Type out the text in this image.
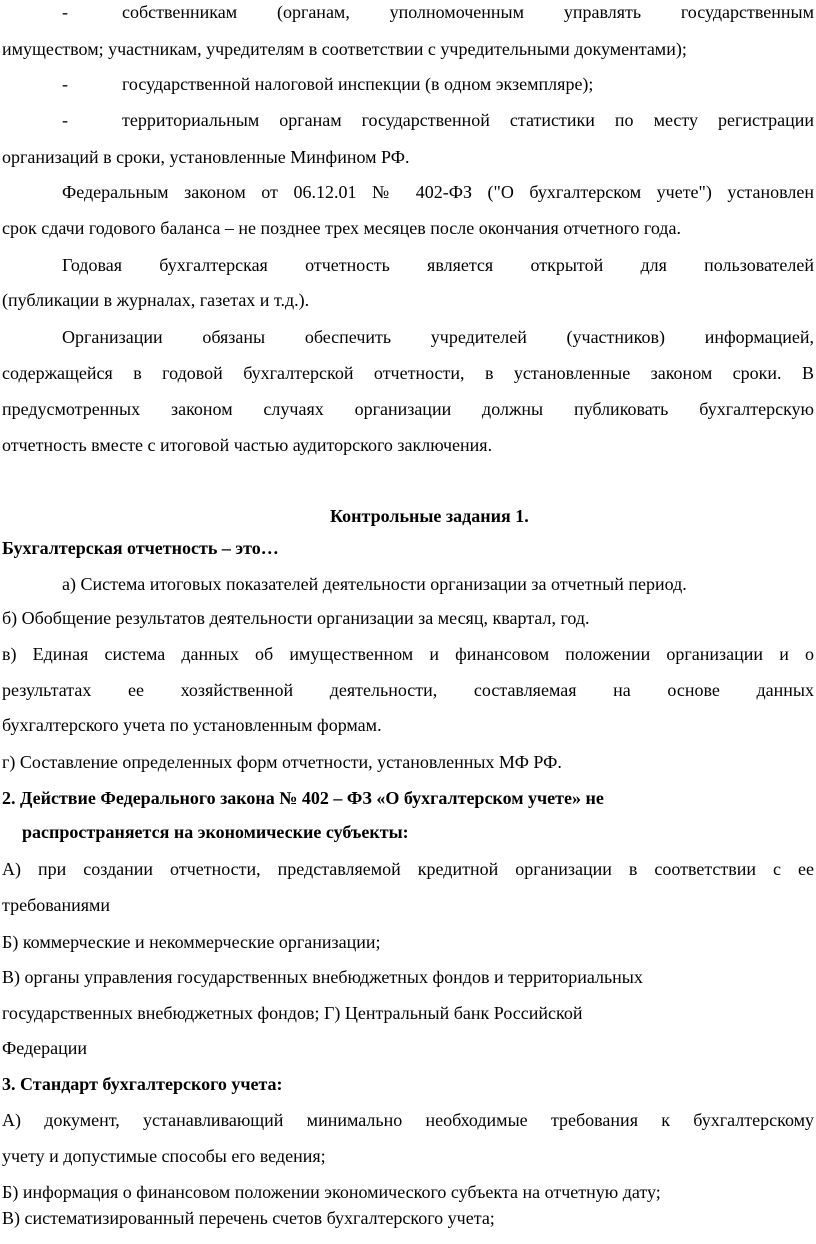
-	собственникам (органам, уполномоченным управлять государственным
имуществом; участникам, учредителям в соответствии с учредительными документами);
-	государственной налоговой инспекции (в одном экземпляре);
-	территориальным органам государственной статистики по месту регистрации
организаций в сроки, установленные Минфином РФ.
Федеральным законом от 06.12.01 № 402-ФЗ ("О бухгалтерском учете") установлен
срок сдачи годового баланса – не позднее трех месяцев после окончания отчетного года.
Годовая бухгалтерская отчетность является открытой для пользователей
(публикации в журналах, газетах и т.д.).
Организации обязаны обеспечить учредителей (участников) информацией,
содержащейся в годовой бухгалтерской отчетности, в установленные законом сроки. В
предусмотренных законом случаях организации должны публиковать бухгалтерскую
отчетность вместе с итоговой частью аудиторского заключения.
Контрольные задания 1.
Бухгалтерская отчетность – это…
а) Система итоговых показателей деятельности организации за отчетный период.
б) Обобщение результатов деятельности организации за месяц, квартал, год.
в) Единая система данных об имущественном и финансовом положении организации и о
результатах ее хозяйственной деятельности, составляемая на основе данных
бухгалтерского учета по установленным формам.
г) Составление определенных форм отчетности, установленных МФ РФ.
2. Действие Федерального закона № 402 – ФЗ «О бухгалтерском учете» не
распространяется на экономические субъекты:
А) при создании отчетности, представляемой кредитной организации в соответствии с ее
требованиями
Б) коммерческие и некоммерческие организации;
В) органы управления государственных внебюджетных фондов и территориальных
государственных внебюджетных фондов; Г) Центральный банк Российской
Федерации
3. Стандарт бухгалтерского учета:
А) документ, устанавливающий минимально необходимые требования к бухгалтерскому
учету и допустимые способы его ведения;
Б) информация о финансовом положении экономического субъекта на отчетную дату;
В) систематизированный перечень счетов бухгалтерского учета;
